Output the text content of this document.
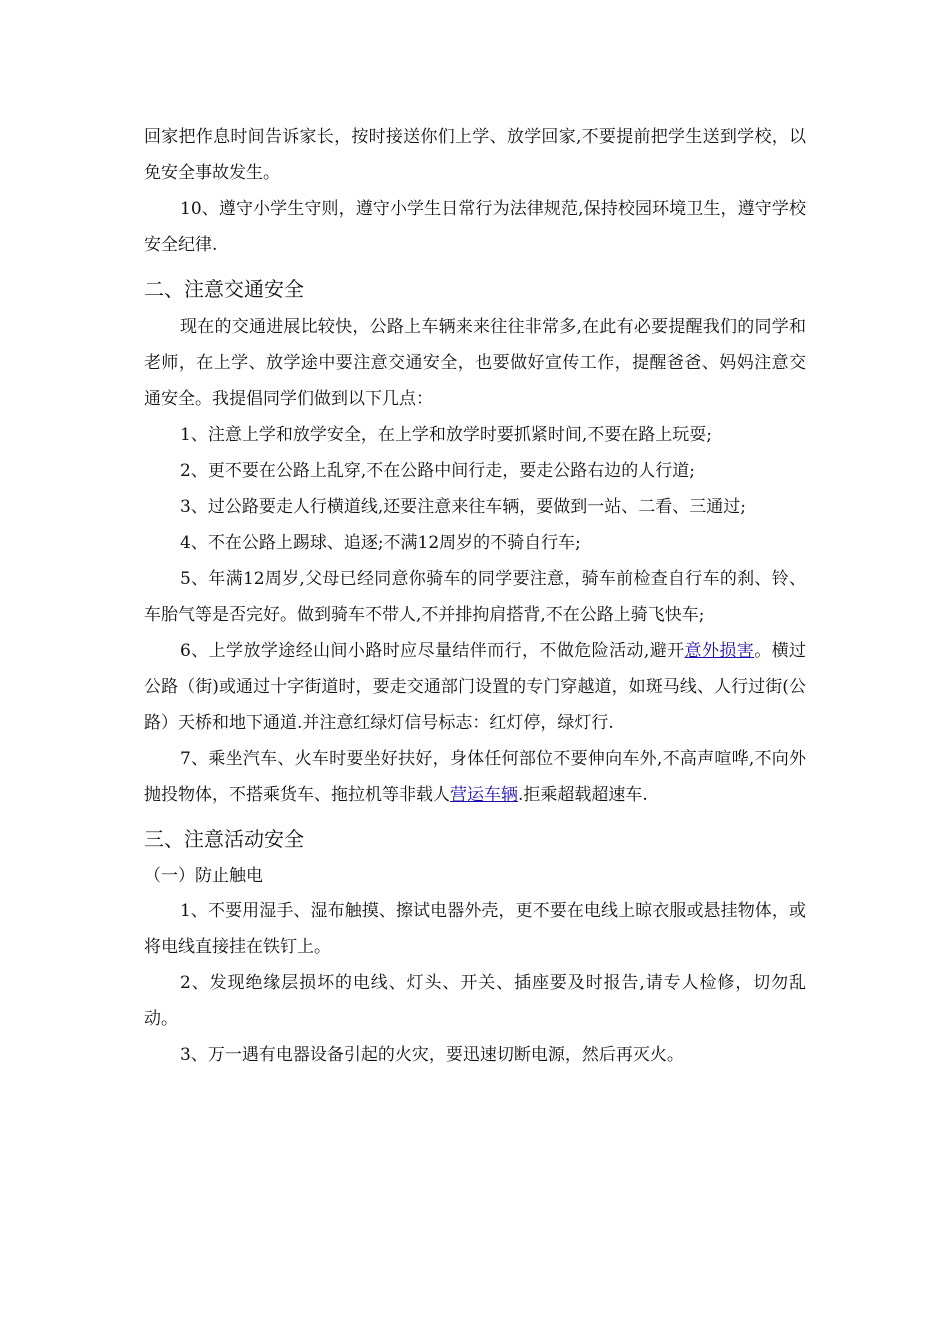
回家把作息时间告诉家长，按时接送你们上学、放学回家,不要提前把学生送到学校，以免安全事故发生。

10、遵守小学生守则，遵守小学生日常行为法律规范,保持校园环境卫生，遵守学校安全纪律.

二、注意交通安全

现在的交通进展比较快，公路上车辆来来往往非常多,在此有必要提醒我们的同学和老师，在上学、放学途中要注意交通安全，也要做好宣传工作，提醒爸爸、妈妈注意交通安全。我提倡同学们做到以下几点：

1、注意上学和放学安全，在上学和放学时要抓紧时间,不要在路上玩耍;

2、更不要在公路上乱穿,不在公路中间行走，要走公路右边的人行道;

3、过公路要走人行横道线,还要注意来往车辆，要做到一站、二看、三通过;

4、不在公路上踢球、追逐;不满12周岁的不骑自行车;

5、年满12周岁,父母已经同意你骑车的同学要注意，骑车前检查自行车的刹、铃、车胎气等是否完好。做到骑车不带人,不并排拘肩搭背,不在公路上骑飞快车;

6、上学放学途经山间小路时应尽量结伴而行，不做危险活动,避开意外损害。横过公路（街)或通过十字街道时，要走交通部门设置的专门穿越道，如斑马线、人行过街(公路）天桥和地下通道.并注意红绿灯信号标志：红灯停，绿灯行.

7、乘坐汽车、火车时要坐好扶好，身体任何部位不要伸向车外,不高声喧哗,不向外抛投物体，不搭乘货车、拖拉机等非载人营运车辆.拒乘超载超速车.

三、注意活动安全

（一）防止触电

1、不要用湿手、湿布触摸、擦试电器外壳，更不要在电线上晾衣服或悬挂物体，或将电线直接挂在铁钉上。

2、发现绝缘层损坏的电线、灯头、开关、插座要及时报告,请专人检修，切勿乱动。

3、万一遇有电器设备引起的火灾，要迅速切断电源，然后再灭火。
